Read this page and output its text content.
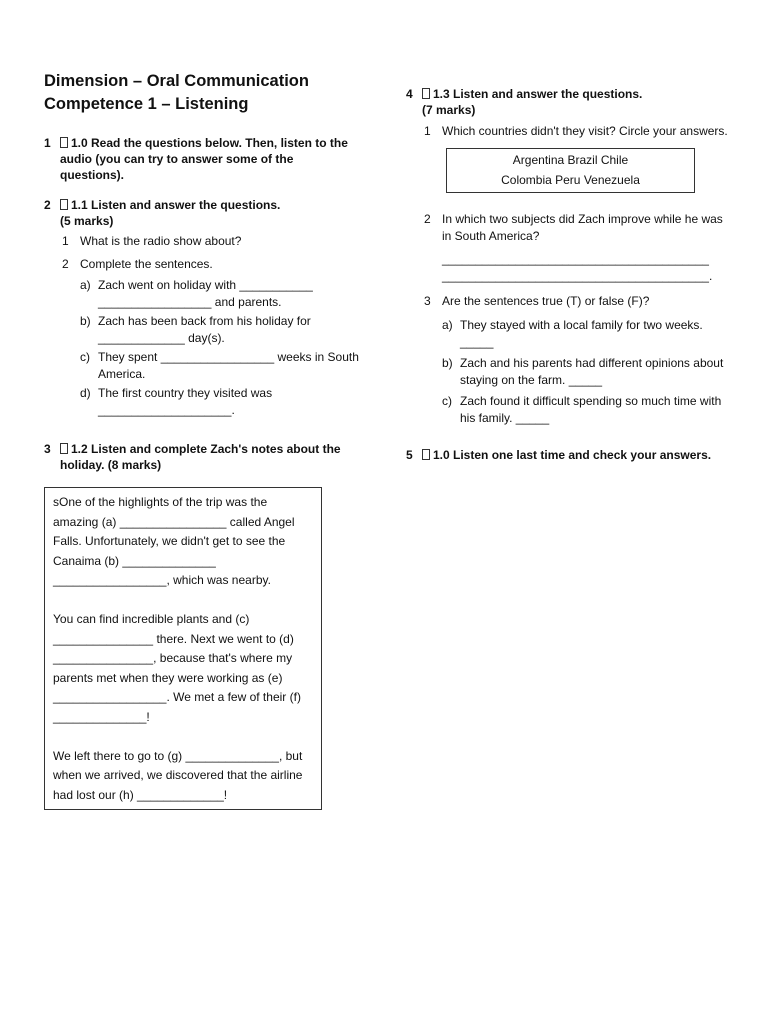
Dimension – Oral Communication
Competence 1 – Listening
1 1.0 Read the questions below. Then, listen to the audio (you can try to answer some of the questions).
2 1.1 Listen and answer the questions.
(5 marks)
1 What is the radio show about?
2 Complete the sentences.
a) Zach went on holiday with ___________ _________________ and parents.
b) Zach has been back from his holiday for _____________ day(s).
c) They spent _________________ weeks in South America.
d) The first country they visited was ____________________.
3 1.2 Listen and complete Zach's notes about the holiday. (8 marks)

sOne of the highlights of the trip was the amazing (a) ________________ called Angel Falls. Unfortunately, we didn't get to see the Canaima (b) ______________ _________________, which was nearby.

You can find incredible plants and (c) _______________ there. Next we went to (d) _______________, because that's where my parents met when they were working as (e) _________________. We met a few of their (f) ______________!

We left there to go to (g) ______________, but when we arrived, we discovered that the airline had lost our (h) _____________!

4 1.3 Listen and answer the questions.
(7 marks)
1 Which countries didn't they visit? Circle your answers.
Argentina Brazil Chile
Colombia Peru Venezuela
2 In which two subjects did Zach improve while he was in South America?
________________________________________
________________________________________.
3 Are the sentences true (T) or false (F)?
a) They stayed with a local family for two weeks. _____
b) Zach and his parents had different opinions about staying on the farm. _____
c) Zach found it difficult spending so much time with his family. _____
5 1.0 Listen one last time and check your answers.
